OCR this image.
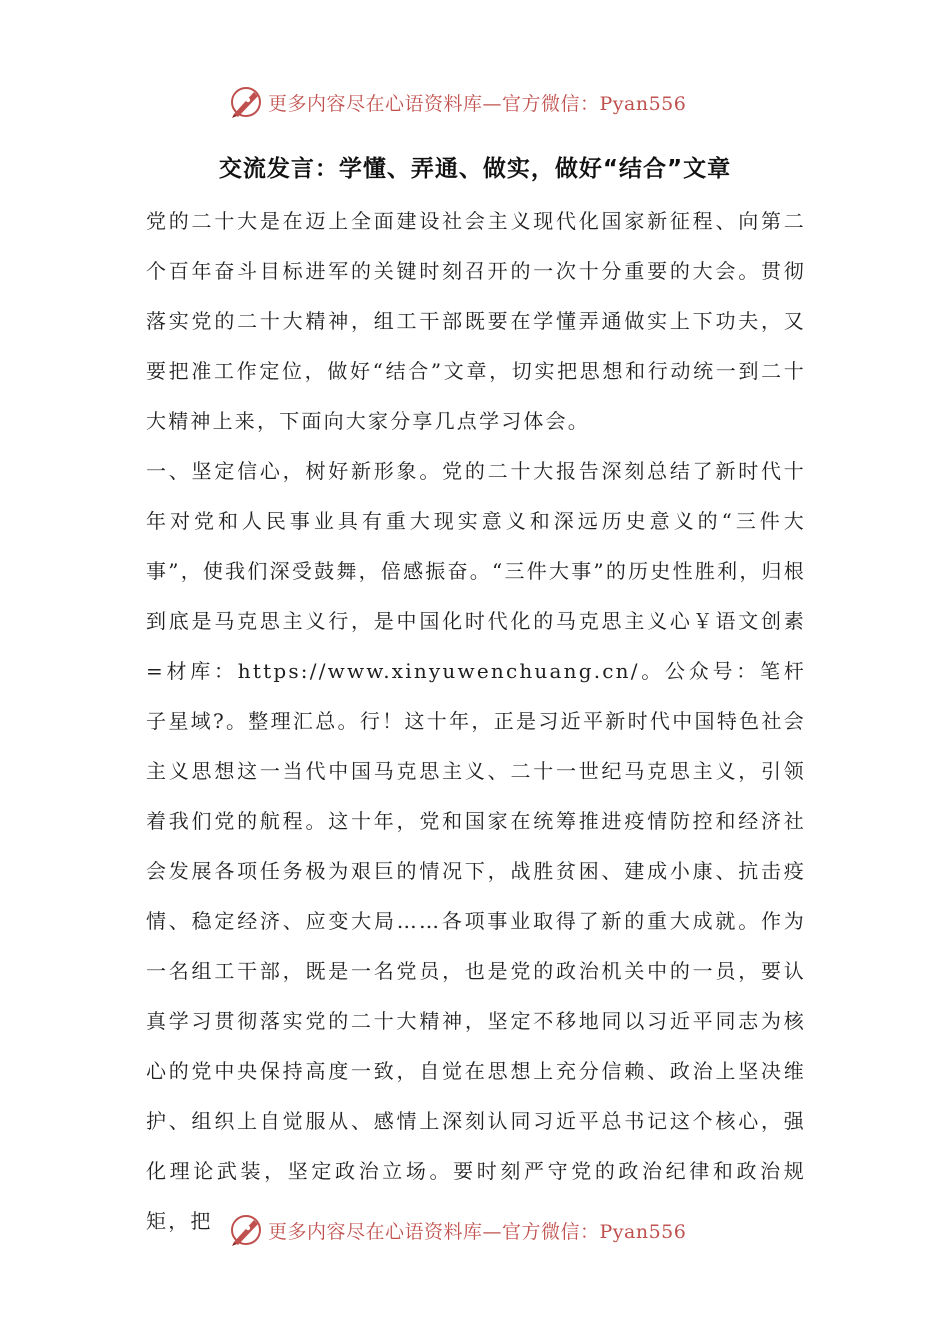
更多内容尽在心语资料库—官方微信：Pyan556
交流发言：学懂、弄通、做实，做好“结合”文章

党的二十大是在迈上全面建设社会主义现代化国家新征程、向第二个百年奋斗目标进军的关键时刻召开的一次十分重要的大会。贯彻落实党的二十大精神，组工干部既要在学懂弄通做实上下功夫，又要把准工作定位，做好“结合”文章，切实把思想和行动统一到二十大精神上来，下面向大家分享几点学习体会。

一、坚定信心，树好新形象。党的二十大报告深刻总结了新时代十年对党和人民事业具有重大现实意义和深远历史意义的“三件大事”，使我们深受鼓舞，倍感振奋。“三件大事”的历史性胜利，归根到底是马克思主义行，是中国化时代化的马克思主义心￥语文创素=材库：https://www.xinyuwenchuang.cn/。公众号：笔杆子星域?。整理汇总。行！这十年，正是习近平新时代中国特色社会主义思想这一当代中国马克思主义、二十一世纪马克思主义，引领着我们党的航程。这十年，党和国家在统筹推进疫情防控和经济社会发展各项任务极为艰巨的情况下，战胜贫困、建成小康、抗击疫情、稳定经济、应变大局……各项事业取得了新的重大成就。作为一名组工干部，既是一名党员，也是党的政治机关中的一员，要认真学习贯彻落实党的二十大精神，坚定不移地同以习近平同志为核心的党中央保持高度一致，自觉在思想上充分信赖、政治上坚决维护、组织上自觉服从、感情上深刻认同习近平总书记这个核心，强化理论武装，坚定政治立场。要时刻严守党的政治纪律和政治规矩，把	更多内容尽在心语资料库—官方微信：Pyan556
